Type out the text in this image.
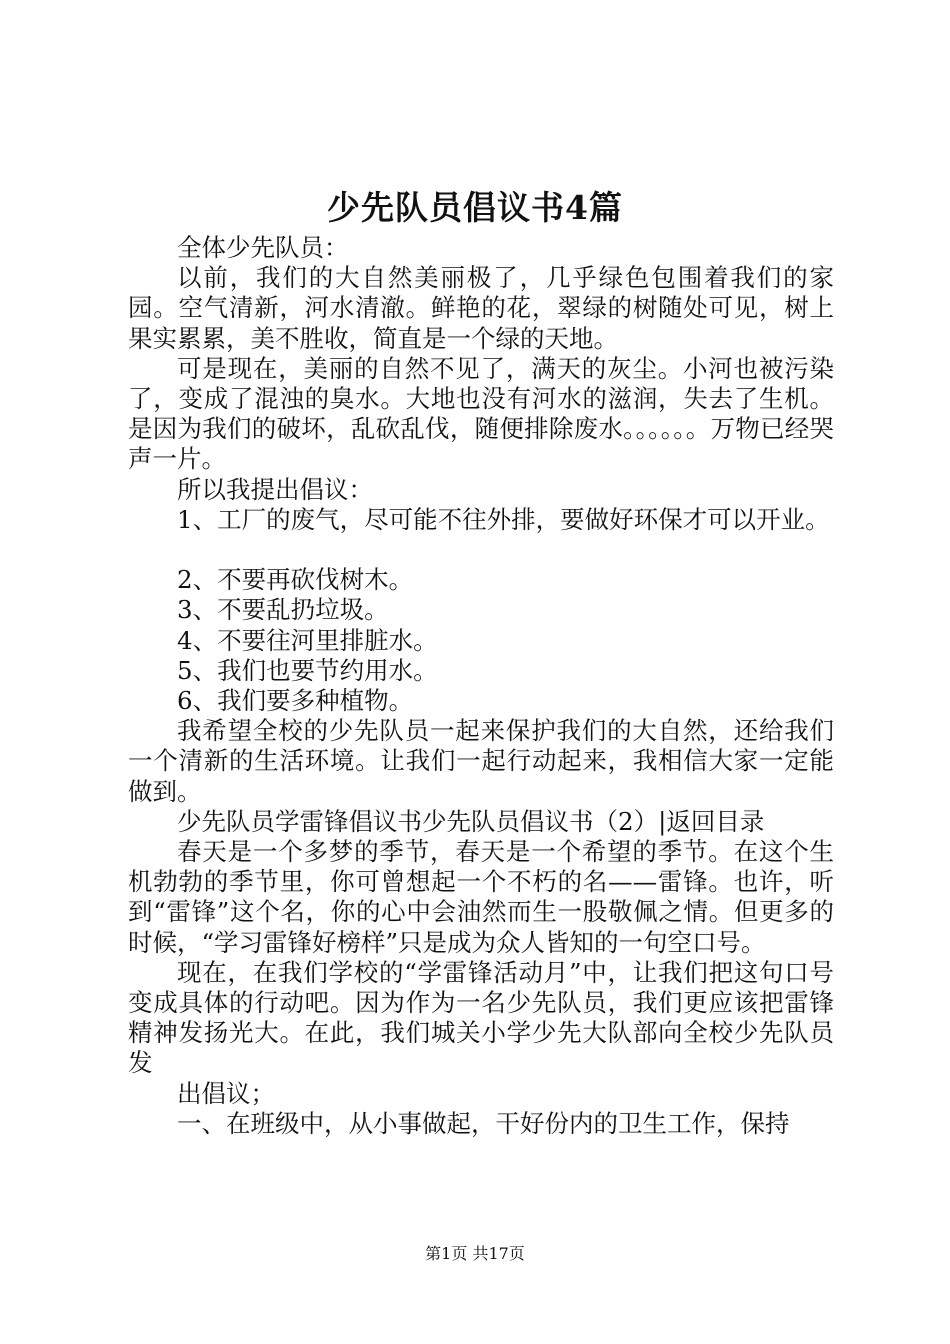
少先队员倡议书4篇

全体少先队员：

以前，我们的大自然美丽极了，几乎绿色包围着我们的家园。空气清新，河水清澈。鲜艳的花，翠绿的树随处可见，树上果实累累，美不胜收，简直是一个绿的天地。

可是现在，美丽的自然不见了，满天的灰尘。小河也被污染了，变成了混浊的臭水。大地也没有河水的滋润，失去了生机。是因为我们的破坏，乱砍乱伐，随便排除废水。。。。。。万物已经哭声一片。

所以我提出倡议：

1、工厂的废气，尽可能不往外排，要做好环保才可以开业。

2、不要再砍伐树木。

3、不要乱扔垃圾。

4、不要往河里排脏水。

5、我们也要节约用水。

6、我们要多种植物。

我希望全校的少先队员一起来保护我们的大自然，还给我们一个清新的生活环境。让我们一起行动起来，我相信大家一定能做到。

少先队员学雷锋倡议书少先队员倡议书（2）|返回目录

春天是一个多梦的季节，春天是一个希望的季节。在这个生机勃勃的季节里，你可曾想起一个不朽的名——雷锋。也许，听到“雷锋”这个名，你的心中会油然而生一股敬佩之情。但更多的时候，“学习雷锋好榜样”只是成为众人皆知的一句空口号。

现在，在我们学校的“学雷锋活动月”中，让我们把这句口号变成具体的行动吧。因为作为一名少先队员，我们更应该把雷锋精神发扬光大。在此，我们城关小学少先大队部向全校少先队员发

出倡议；

一、在班级中，从小事做起，干好份内的卫生工作，保持

第1页 共17页
